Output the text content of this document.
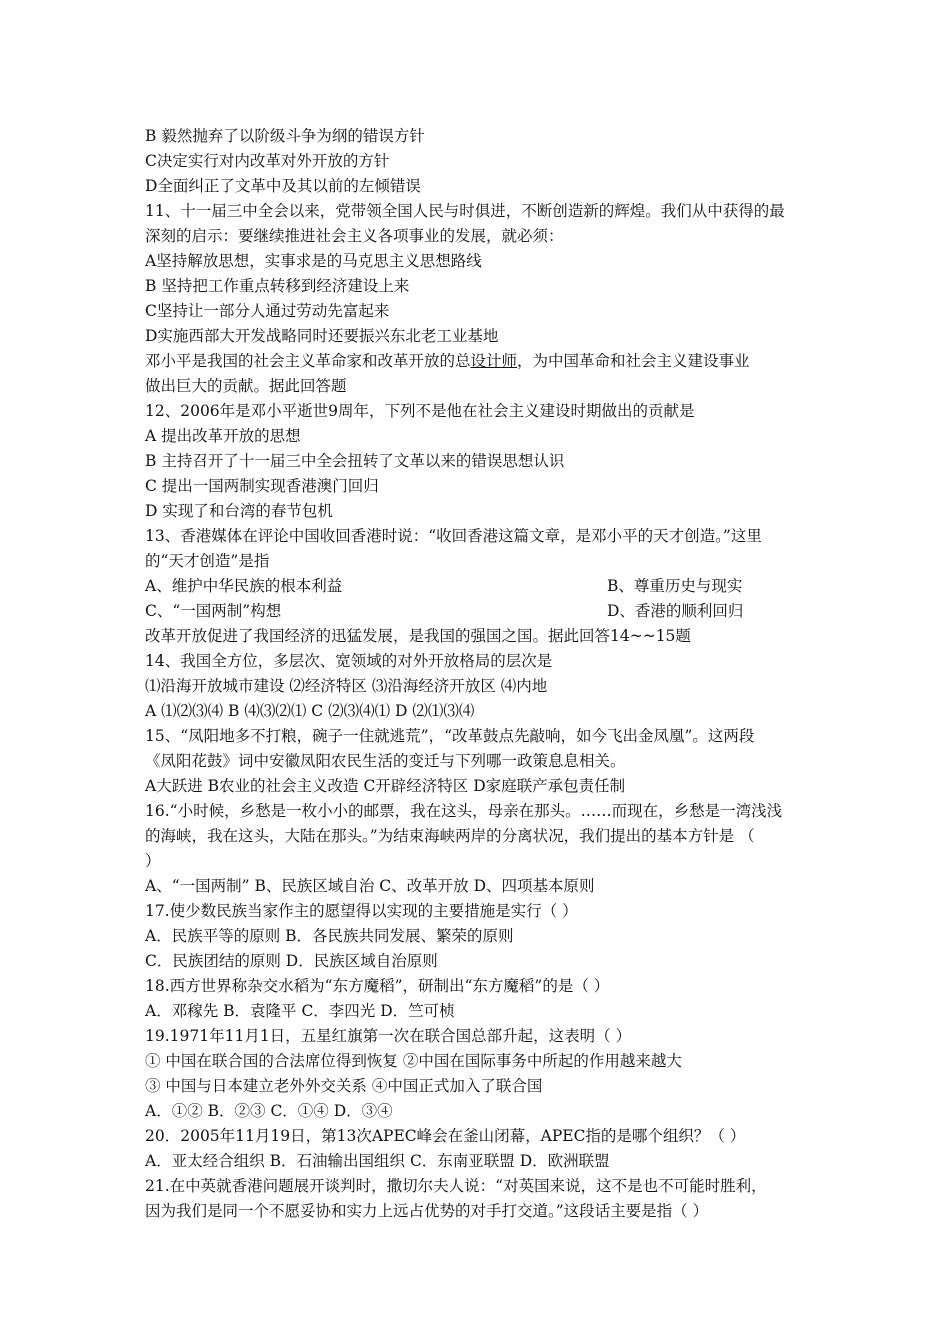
B 毅然抛弃了以阶级斗争为纲的错误方针
C决定实行对内改革对外开放的方针
D全面纠正了文革中及其以前的左倾错误
11、十一届三中全会以来，党带领全国人民与时俱进，不断创造新的辉煌。我们从中获得的最
深刻的启示：要继续推进社会主义各项事业的发展，就必须：
A坚持解放思想，实事求是的马克思主义思想路线
B 坚持把工作重点转移到经济建设上来
C坚持让一部分人通过劳动先富起来
D实施西部大开发战略同时还要振兴东北老工业基地
邓小平是我国的社会主义革命家和改革开放的总设计师，为中国革命和社会主义建设事业
做出巨大的贡献。据此回答题
12、2006年是邓小平逝世9周年，下列不是他在社会主义建设时期做出的贡献是
A 提出改革开放的思想
B 主持召开了十一届三中全会扭转了文革以来的错误思想认识
C 提出一国两制实现香港澳门回归
D 实现了和台湾的春节包机
13、香港媒体在评论中国收回香港时说：“收回香港这篇文章，是邓小平的天才创造。”这里
的“天才创造”是指
A、维护中华民族的根本利益	B、尊重历史与现实
C、“一国两制”构想	D、香港的顺利回归
改革开放促进了我国经济的迅猛发展，是我国的强国之国。据此回答14~~15题
14、我国全方位，多层次、宽领域的对外开放格局的层次是
⑴沿海开放城市建设 ⑵经济特区 ⑶沿海经济开放区 ⑷内地
A ⑴⑵⑶⑷ B ⑷⑶⑵⑴ C ⑵⑶⑷⑴ D ⑵⑴⑶⑷
15、“凤阳地多不打粮，碗子一住就逃荒”，“改革鼓点先敲响，如今飞出金凤凰”。这两段
《凤阳花鼓》词中安徽凤阳农民生活的变迁与下列哪一政策息息相关。
A大跃进 B农业的社会主义改造 C开辟经济特区 D家庭联产承包责任制
16.“小时候，乡愁是一枚小小的邮票，我在这头，母亲在那头。……而现在，乡愁是一湾浅浅
的海峡，我在这头，大陆在那头。”为结束海峡两岸的分离状况，我们提出的基本方针是 （
）
A、“一国两制” B、民族区域自治 C、改革开放 D、四项基本原则
17.使少数民族当家作主的愿望得以实现的主要措施是实行（ ）
A．民族平等的原则 B．各民族共同发展、繁荣的原则
C．民族团结的原则 D．民族区域自治原则
18.西方世界称杂交水稻为“东方魔稻”，研制出“东方魔稻”的是（ ）
A．邓稼先 B．袁隆平 C．李四光 D．竺可桢
19.1971年11月1日，五星红旗第一次在联合国总部升起，这表明（ ）
① 中国在联合国的合法席位得到恢复 ②中国在国际事务中所起的作用越来越大
③ 中国与日本建立老外外交关系 ④中国正式加入了联合国
A．①② B．②③ C．①④ D．③④
20．2005年11月19日，第13次APEC峰会在釜山闭幕，APEC指的是哪个组织？（ ）
A．亚太经合组织 B．石油输出国组织 C．东南亚联盟 D．欧洲联盟
21.在中英就香港问题展开谈判时，撒切尔夫人说：“对英国来说，这不是也不可能时胜利，
因为我们是同一个不愿妥协和实力上远占优势的对手打交道。”这段话主要是指（ ）
